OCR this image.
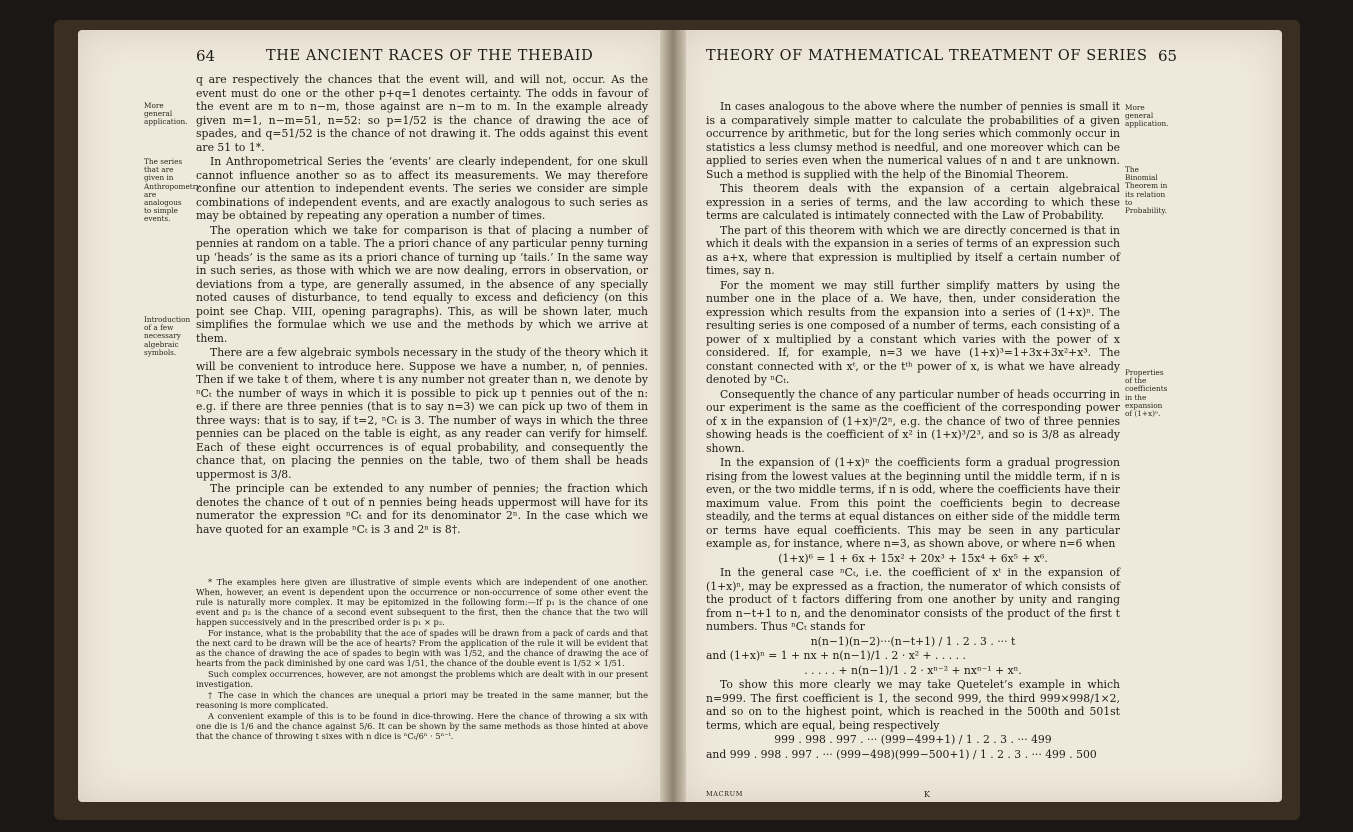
64	THE ANCIENT RACES OF THE THEBAID
More general application.
The series that are given in Anthropometry are analogous to simple events.
Introduction of a few necessary algebraic symbols.

q are respectively the chances that the event will, and will not, occur. As the event must do one or the other p+q=1 denotes certainty. The odds in favour of the event are m to n−m, those against are n−m to m. In the example already given m=1, n−m=51, n=52: so p=1/52 is the chance of drawing the ace of spades, and q=51/52 is the chance of not drawing it. The odds against this event are 51 to 1*.

In Anthropometrical Series the ‘events’ are clearly independent, for one skull cannot influence another so as to affect its measurements. We may therefore confine our attention to independent events. The series we consider are simple combinations of independent events, and are exactly analogous to such series as may be obtained by repeating any operation a number of times.

The operation which we take for comparison is that of placing a number of pennies at random on a table. The a priori chance of any particular penny turning up ‘heads’ is the same as its a priori chance of turning up ‘tails.’ In the same way in such series, as those with which we are now dealing, errors in observation, or deviations from a type, are generally assumed, in the absence of any specially noted causes of disturbance, to tend equally to excess and deficiency (on this point see Chap. VIII, opening paragraphs). This, as will be shown later, much simplifies the formulae which we use and the methods by which we arrive at them.

There are a few algebraic symbols necessary in the study of the theory which it will be convenient to introduce here. Suppose we have a number, n, of pennies. Then if we take t of them, where t is any number not greater than n, we denote by ⁿCₜ the number of ways in which it is possible to pick up t pennies out of the n: e.g. if there are three pennies (that is to say n=3) we can pick up two of them in three ways: that is to say, if t=2, ⁿCₜ is 3. The number of ways in which the three pennies can be placed on the table is eight, as any reader can verify for himself. Each of these eight occurrences is of equal probability, and consequently the chance that, on placing the pennies on the table, two of them shall be heads uppermost is 3/8.

The principle can be extended to any number of pennies; the fraction which denotes the chance of t out of n pennies being heads uppermost will have for its numerator the expression ⁿCₜ and for its denominator 2ⁿ. In the case which we have quoted for an example ⁿCₜ is 3 and 2ⁿ is 8†.

* The examples here given are illustrative of simple events which are independent of one another. When, however, an event is dependent upon the occurrence or non-occurrence of some other event the rule is naturally more complex. It may be epitomized in the following form:—If p₁ is the chance of one event and p₂ is the chance of a second event subsequent to the first, then the chance that the two will happen successively and in the prescribed order is p₁ × p₂.

For instance, what is the probability that the ace of spades will be drawn from a pack of cards and that the next card to be drawn will be the ace of hearts? From the application of the rule it will be evident that as the chance of drawing the ace of spades to begin with was 1/52, and the chance of drawing the ace of hearts from the pack diminished by one card was 1/51, the chance of the double event is 1/52 × 1/51.

Such complex occurrences, however, are not amongst the problems which are dealt with in our present investigation.

† The case in which the chances are unequal a priori may be treated in the same manner, but the reasoning is more complicated.

A convenient example of this is to be found in dice-throwing. Here the chance of throwing a six with one die is 1/6 and the chance against 5/6. It can be shown by the same methods as those hinted at above that the chance of throwing t sixes with n dice is ⁿCₜ/6ⁿ · 5ⁿ⁻ᵗ.

THEORY OF MATHEMATICAL TREATMENT OF SERIES 65
More general application.
The Binomial Theorem in its relation to Probability.
Properties of the coefficients in the expansion of (1+x)ⁿ.

In cases analogous to the above where the number of pennies is small it is a comparatively simple matter to calculate the probabilities of a given occurrence by arithmetic, but for the long series which commonly occur in statistics a less clumsy method is needful, and one moreover which can be applied to series even when the numerical values of n and t are unknown. Such a method is supplied with the help of the Binomial Theorem.

This theorem deals with the expansion of a certain algebraical expression in a series of terms, and the law according to which these terms are calculated is intimately connected with the Law of Probability.

The part of this theorem with which we are directly concerned is that in which it deals with the expansion in a series of terms of an expression such as a+x, where that expression is multiplied by itself a certain number of times, say n.

For the moment we may still further simplify matters by using the number one in the place of a. We have, then, under consideration the expression which results from the expansion into a series of (1+x)ⁿ. The resulting series is one composed of a number of terms, each consisting of a power of x multiplied by a constant which varies with the power of x considered. If, for example, n=3 we have (1+x)³=1+3x+3x²+x³. The constant connected with xᵗ, or the tᵗʰ power of x, is what we have already denoted by ⁿCₜ.

Consequently the chance of any particular number of heads occurring in our experiment is the same as the coefficient of the corresponding power of x in the expansion of (1+x)ⁿ/2ⁿ, e.g. the chance of two of three pennies showing heads is the coefficient of x² in (1+x)³/2³, and so is 3/8 as already shown.

In the expansion of (1+x)ⁿ the coefficients form a gradual progression rising from the lowest values at the beginning until the middle term, if n is even, or the two middle terms, if n is odd, where the coefficients have their maximum value. From this point the coefficients begin to decrease steadily, and the terms at equal distances on either side of the middle term or terms have equal coefficients. This may be seen in any particular example as, for instance, where n=3, as shown above, or where n=6 when

(1+x)⁶ = 1 + 6x + 15x² + 20x³ + 15x⁴ + 6x⁵ + x⁶.

In the general case ⁿCₜ, i.e. the coefficient of xᵗ in the expansion of (1+x)ⁿ, may be expressed as a fraction, the numerator of which consists of the product of t factors differing from one another by unity and ranging from n−t+1 to n, and the denominator consists of the product of the first t numbers. Thus ⁿCₜ stands for

n(n−1)(n−2)···(n−t+1) / 1 . 2 . 3 . ··· t

and (1+x)ⁿ = 1 + nx + n(n−1)/1 . 2 · x² + . . . . .

. . . . . + n(n−1)/1 . 2 · xⁿ⁻² + nxⁿ⁻¹ + xⁿ.

To show this more clearly we may take Quetelet’s example in which n=999. The first coefficient is 1, the second 999, the third 999×998/1×2, and so on to the highest point, which is reached in the 500th and 501st terms, which are equal, being respectively

999 . 998 . 997 . ··· (999−499+1) / 1 . 2 . 3 . ··· 499

and 999 . 998 . 997 . ··· (999−498)(999−500+1) / 1 . 2 . 3 . ··· 499 . 500

MACRUM	K
